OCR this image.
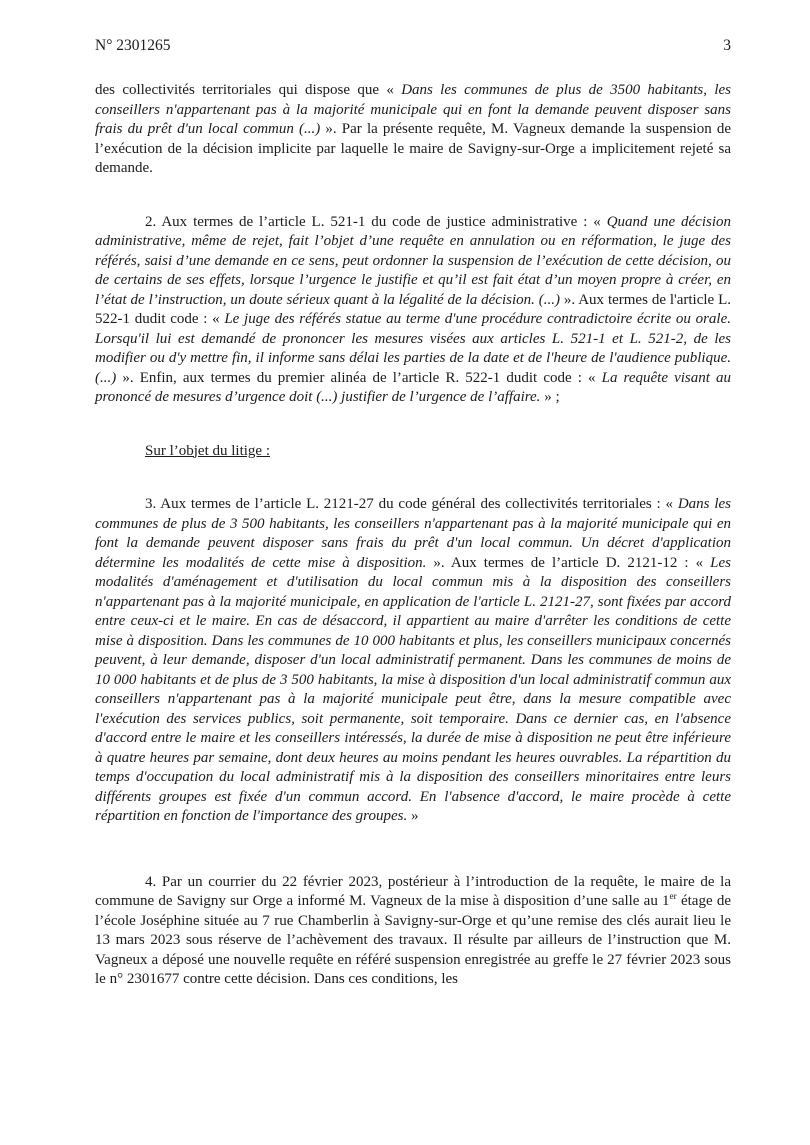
N° 2301265	3

des collectivités territoriales qui dispose que « Dans les communes de plus de 3500 habitants, les conseillers n'appartenant pas à la majorité municipale qui en font la demande peuvent disposer sans frais du prêt d'un local commun (...) ». Par la présente requête, M. Vagneux demande la suspension de l’exécution de la décision implicite par laquelle le maire de Savigny-sur-Orge a implicitement rejeté sa demande.

2. Aux termes de l’article L. 521-1 du code de justice administrative : « Quand une décision administrative, même de rejet, fait l’objet d’une requête en annulation ou en réformation, le juge des référés, saisi d’une demande en ce sens, peut ordonner la suspension de l’exécution de cette décision, ou de certains de ses effets, lorsque l’urgence le justifie et qu’il est fait état d’un moyen propre à créer, en l’état de l’instruction, un doute sérieux quant à la légalité de la décision. (...) ». Aux termes de l'article L. 522-1 dudit code : « Le juge des référés statue au terme d'une procédure contradictoire écrite ou orale. Lorsqu'il lui est demandé de prononcer les mesures visées aux articles L. 521-1 et L. 521-2, de les modifier ou d'y mettre fin, il informe sans délai les parties de la date et de l'heure de l'audience publique. (...) ». Enfin, aux termes du premier alinéa de l’article R. 522-1 dudit code : « La requête visant au prononcé de mesures d’urgence doit (...) justifier de l’urgence de l’affaire. » ;

Sur l’objet du litige :

3. Aux termes de l’article L. 2121-27 du code général des collectivités territoriales : « Dans les communes de plus de 3 500 habitants, les conseillers n'appartenant pas à la majorité municipale qui en font la demande peuvent disposer sans frais du prêt d'un local commun. Un décret d'application détermine les modalités de cette mise à disposition. ». Aux termes de l’article D. 2121-12 : « Les modalités d'aménagement et d'utilisation du local commun mis à la disposition des conseillers n'appartenant pas à la majorité municipale, en application de l'article L. 2121-27, sont fixées par accord entre ceux-ci et le maire. En cas de désaccord, il appartient au maire d'arrêter les conditions de cette mise à disposition. Dans les communes de 10 000 habitants et plus, les conseillers municipaux concernés peuvent, à leur demande, disposer d'un local administratif permanent. Dans les communes de moins de 10 000 habitants et de plus de 3 500 habitants, la mise à disposition d'un local administratif commun aux conseillers n'appartenant pas à la majorité municipale peut être, dans la mesure compatible avec l'exécution des services publics, soit permanente, soit temporaire. Dans ce dernier cas, en l'absence d'accord entre le maire et les conseillers intéressés, la durée de mise à disposition ne peut être inférieure à quatre heures par semaine, dont deux heures au moins pendant les heures ouvrables. La répartition du temps d'occupation du local administratif mis à la disposition des conseillers minoritaires entre leurs différents groupes est fixée d'un commun accord. En l'absence d'accord, le maire procède à cette répartition en fonction de l'importance des groupes. »

4. Par un courrier du 22 février 2023, postérieur à l’introduction de la requête, le maire de la commune de Savigny sur Orge a informé M. Vagneux de la mise à disposition d’une salle au 1er étage de l’école Joséphine située au 7 rue Chamberlin à Savigny-sur-Orge et qu’une remise des clés aurait lieu le 13 mars 2023 sous réserve de l’achèvement des travaux. Il résulte par ailleurs de l’instruction que M. Vagneux a déposé une nouvelle requête en référé suspension enregistrée au greffe le 27 février 2023 sous le n° 2301677 contre cette décision. Dans ces conditions, les
